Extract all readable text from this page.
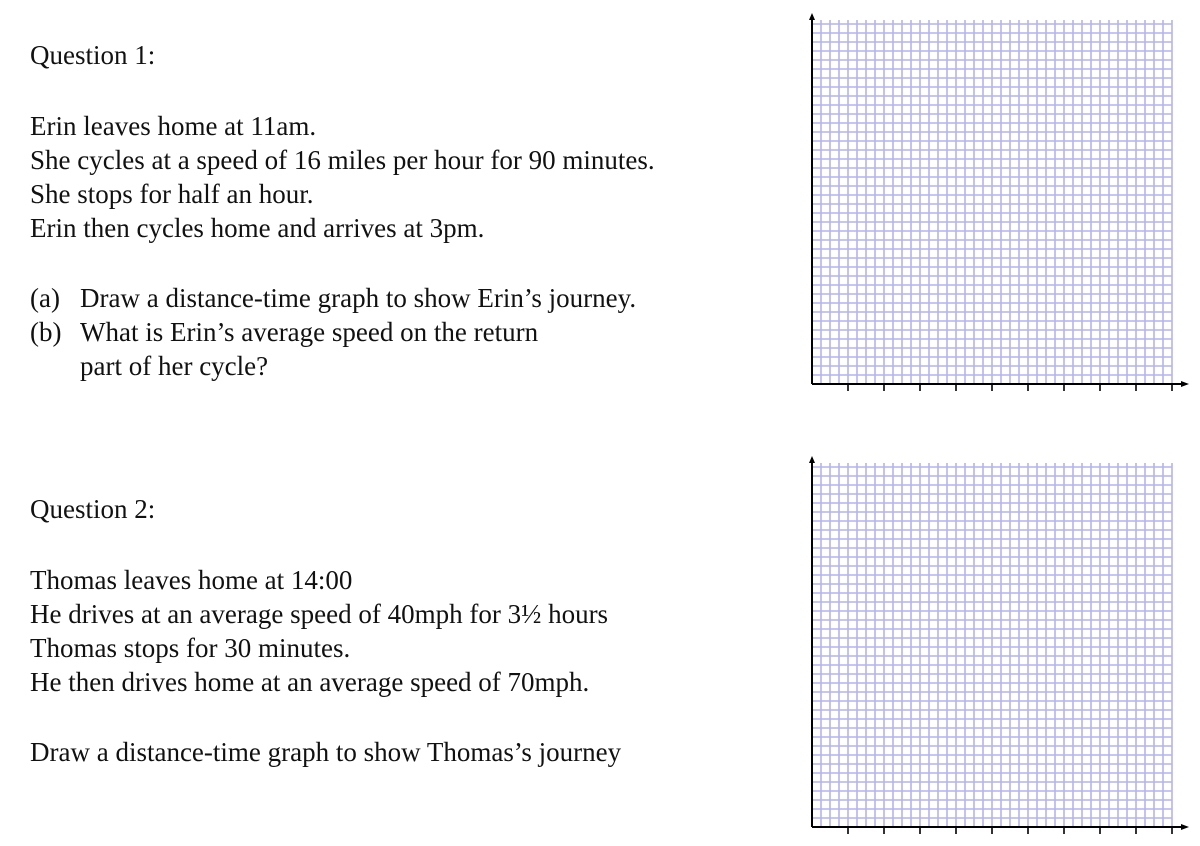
Question 1:
Erin leaves home at 11am.
She cycles at a speed of 16 miles per hour for 90 minutes.
She stops for half an hour.
Erin then cycles home and arrives at 3pm.
(a) Draw a distance-time graph to show Erin’s journey.
(b) What is Erin’s average speed on the return part of her cycle?
Question 2:
Thomas leaves home at 14:00
He drives at an average speed of 40mph for 3½ hours
Thomas stops for 30 minutes.
He then drives home at an average speed of 70mph.

Draw a distance-time graph to show Thomas’s journey
